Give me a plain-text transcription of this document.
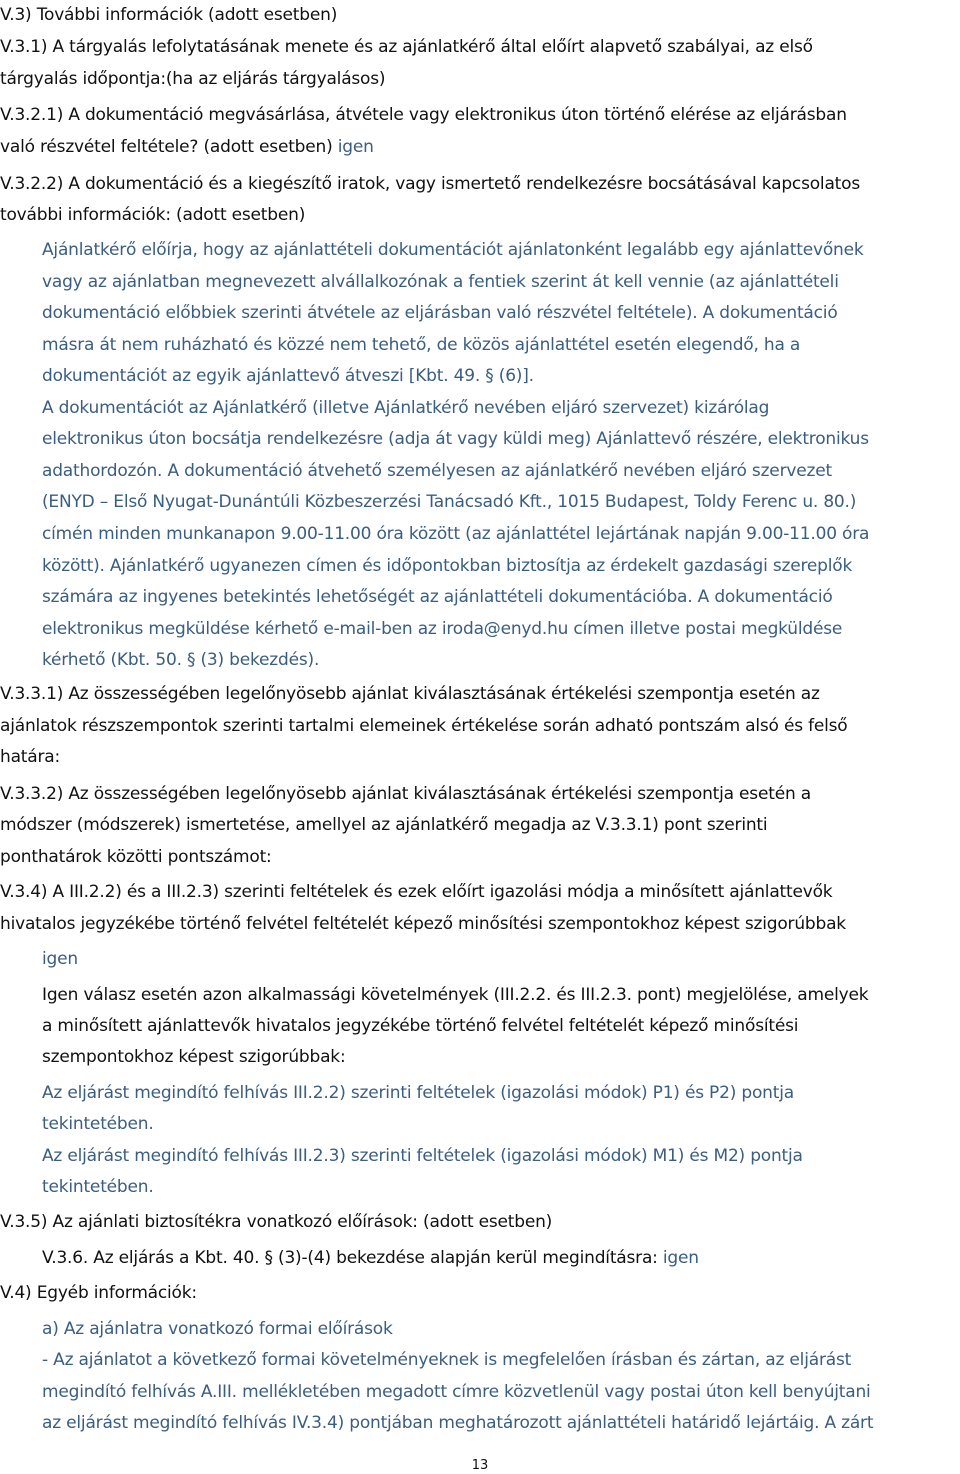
V.3) További információk (adott esetben)
V.3.1) A tárgyalás lefolytatásának menete és az ajánlatkérő által előírt alapvető szabályai, az első
tárgyalás időpontja:(ha az eljárás tárgyalásos)
V.3.2.1) A dokumentáció megvásárlása, átvétele vagy elektronikus úton történő elérése az eljárásban
való részvétel feltétele? (adott esetben) igen
V.3.2.2) A dokumentáció és a kiegészítő iratok, vagy ismertető rendelkezésre bocsátásával kapcsolatos
további információk: (adott esetben)
Ajánlatkérő előírja, hogy az ajánlattételi dokumentációt ajánlatonként legalább egy ajánlattevőnek
vagy az ajánlatban megnevezett alvállalkozónak a fentiek szerint át kell vennie (az ajánlattételi
dokumentáció előbbiek szerinti átvétele az eljárásban való részvétel feltétele). A dokumentáció
másra át nem ruházható és közzé nem tehető, de közös ajánlattétel esetén elegendő, ha a
dokumentációt az egyik ajánlattevő átveszi [Kbt. 49. § (6)].
A dokumentációt az Ajánlatkérő (illetve Ajánlatkérő nevében eljáró szervezet) kizárólag
elektronikus úton bocsátja rendelkezésre (adja át vagy küldi meg) Ajánlattevő részére, elektronikus
adathordozón. A dokumentáció átvehető személyesen az ajánlatkérő nevében eljáró szervezet
(ENYD – Első Nyugat-Dunántúli Közbeszerzési Tanácsadó Kft., 1015 Budapest, Toldy Ferenc u. 80.)
címén minden munkanapon 9.00-11.00 óra között (az ajánlattétel lejártának napján 9.00-11.00 óra
között). Ajánlatkérő ugyanezen címen és időpontokban biztosítja az érdekelt gazdasági szereplők
számára az ingyenes betekintés lehetőségét az ajánlattételi dokumentációba. A dokumentáció
elektronikus megküldése kérhető e-mail-ben az iroda@enyd.hu címen illetve postai megküldése
kérhető (Kbt. 50. § (3) bekezdés).
V.3.3.1) Az összességében legelőnyösebb ajánlat kiválasztásának értékelési szempontja esetén az
ajánlatok részszempontok szerinti tartalmi elemeinek értékelése során adható pontszám alsó és felső
határa:
V.3.3.2) Az összességében legelőnyösebb ajánlat kiválasztásának értékelési szempontja esetén a
módszer (módszerek) ismertetése, amellyel az ajánlatkérő megadja az V.3.3.1) pont szerinti
ponthatárok közötti pontszámot:
V.3.4) A III.2.2) és a III.2.3) szerinti feltételek és ezek előírt igazolási módja a minősített ajánlattevők
hivatalos jegyzékébe történő felvétel feltételét képező minősítési szempontokhoz képest szigorúbbak
igen
Igen válasz esetén azon alkalmassági követelmények (III.2.2. és III.2.3. pont) megjelölése, amelyek
a minősített ajánlattevők hivatalos jegyzékébe történő felvétel feltételét képező minősítési
szempontokhoz képest szigorúbbak:
Az eljárást megindító felhívás III.2.2) szerinti feltételek (igazolási módok) P1) és P2) pontja
tekintetében.
Az eljárást megindító felhívás III.2.3) szerinti feltételek (igazolási módok) M1) és M2) pontja
tekintetében.
V.3.5) Az ajánlati biztosítékra vonatkozó előírások: (adott esetben)
V.3.6. Az eljárás a Kbt. 40. § (3)-(4) bekezdése alapján kerül megindításra: igen
V.4) Egyéb információk:
a) Az ajánlatra vonatkozó formai előírások
- Az ajánlatot a következő formai követelményeknek is megfelelően írásban és zártan, az eljárást
megindító felhívás A.III. mellékletében megadott címre közvetlenül vagy postai úton kell benyújtani
az eljárást megindító felhívás IV.3.4) pontjában meghatározott ajánlattételi határidő lejártáig. A zárt
13
